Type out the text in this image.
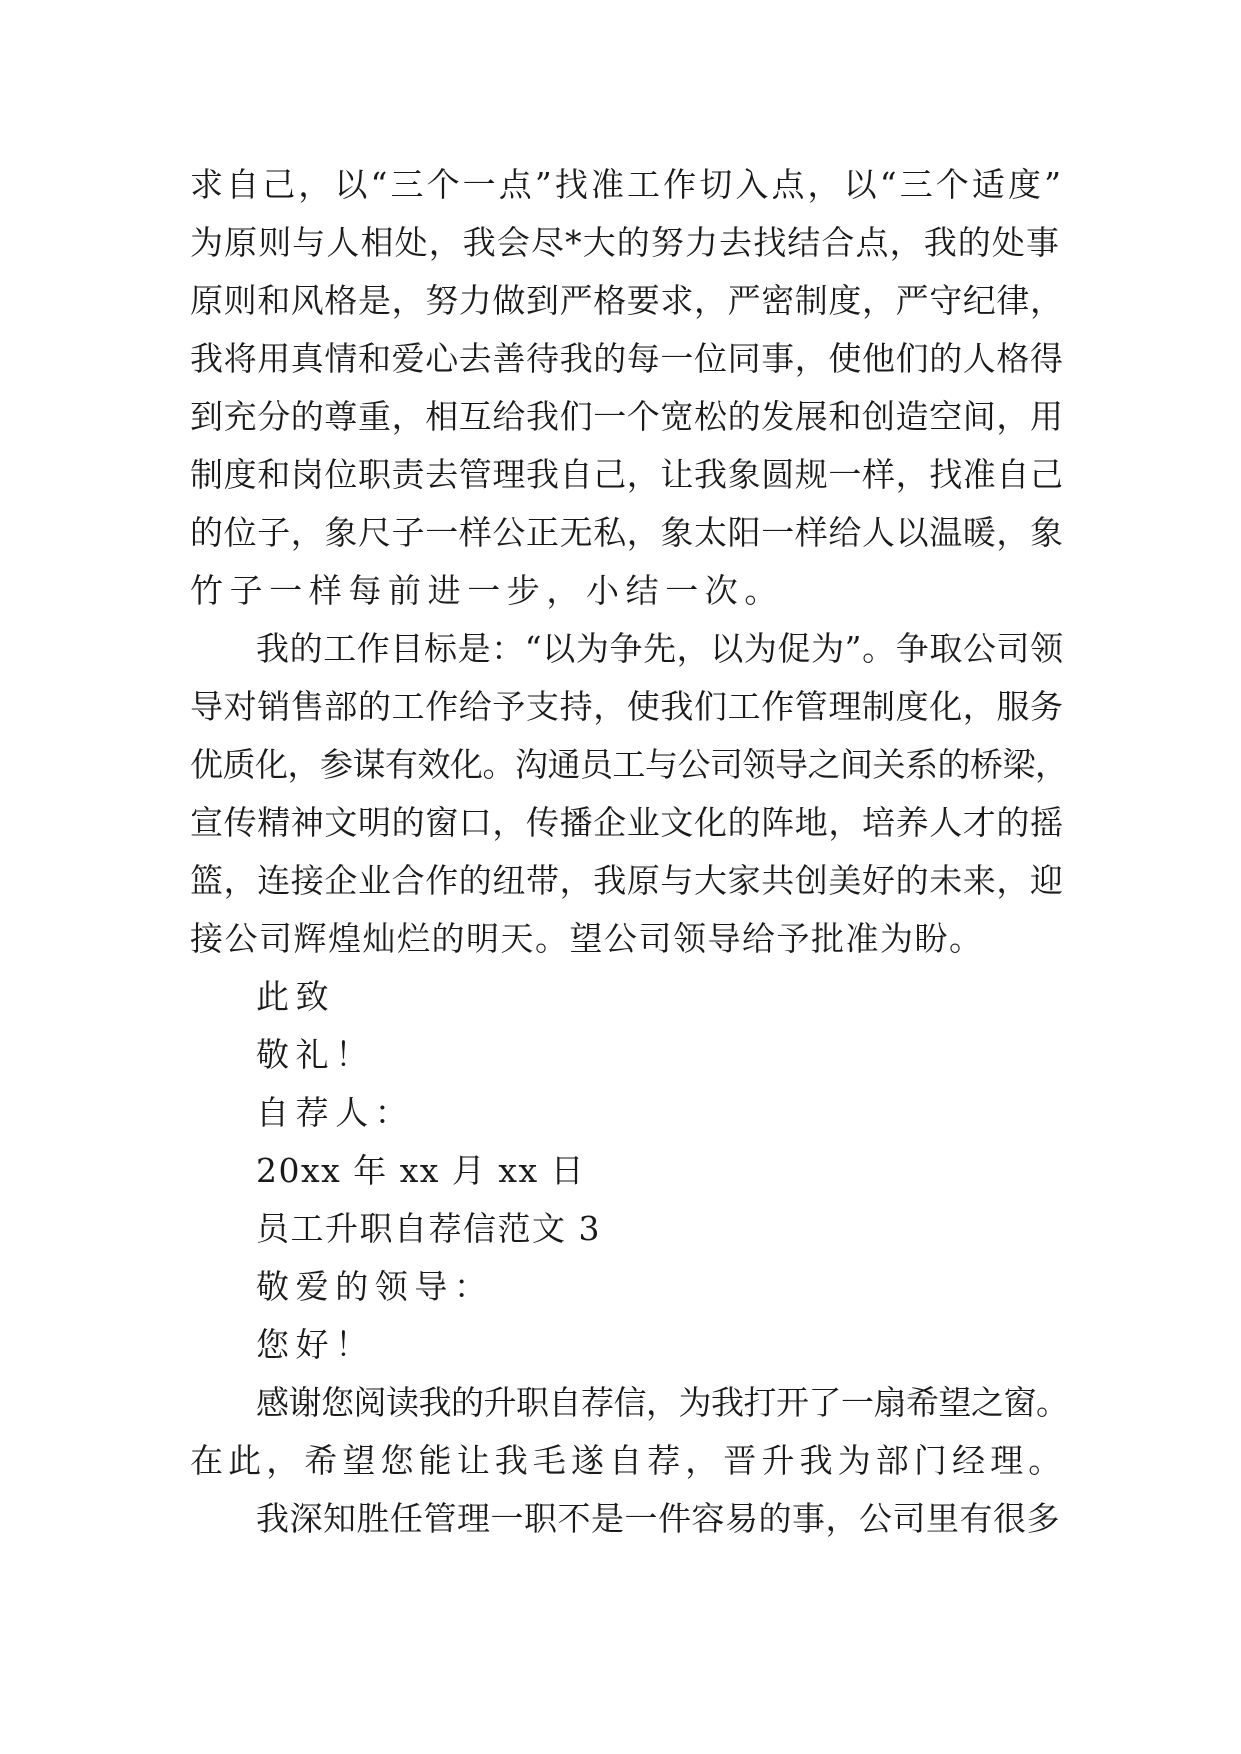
求自己，以“三个一点”找准工作切入点，以“三个适度”

为原则与人相处，我会尽*大的努力去找结合点，我的处事

原则和风格是，努力做到严格要求，严密制度，严守纪律，

我将用真情和爱心去善待我的每一位同事，使他们的人格得

到充分的尊重，相互给我们一个宽松的发展和创造空间，用

制度和岗位职责去管理我自己，让我象圆规一样，找准自己

的位子，象尺子一样公正无私，象太阳一样给人以温暖，象

竹子一样每前进一步，小结一次。

我的工作目标是：“以为争先，以为促为”。争取公司领

导对销售部的工作给予支持，使我们工作管理制度化，服务

优质化，参谋有效化。沟通员工与公司领导之间关系的桥梁，

宣传精神文明的窗口，传播企业文化的阵地，培养人才的摇

篮，连接企业合作的纽带，我原与大家共创美好的未来，迎

接公司辉煌灿烂的明天。望公司领导给予批准为盼。

此致

敬礼！

自荐人：

20xx 年 xx 月 xx 日

员工升职自荐信范文 3

敬爱的领导：

您好！

感谢您阅读我的升职自荐信，为我打开了一扇希望之窗。

在此，希望您能让我毛遂自荐，晋升我为部门经理。

我深知胜任管理一职不是一件容易的事，公司里有很多
